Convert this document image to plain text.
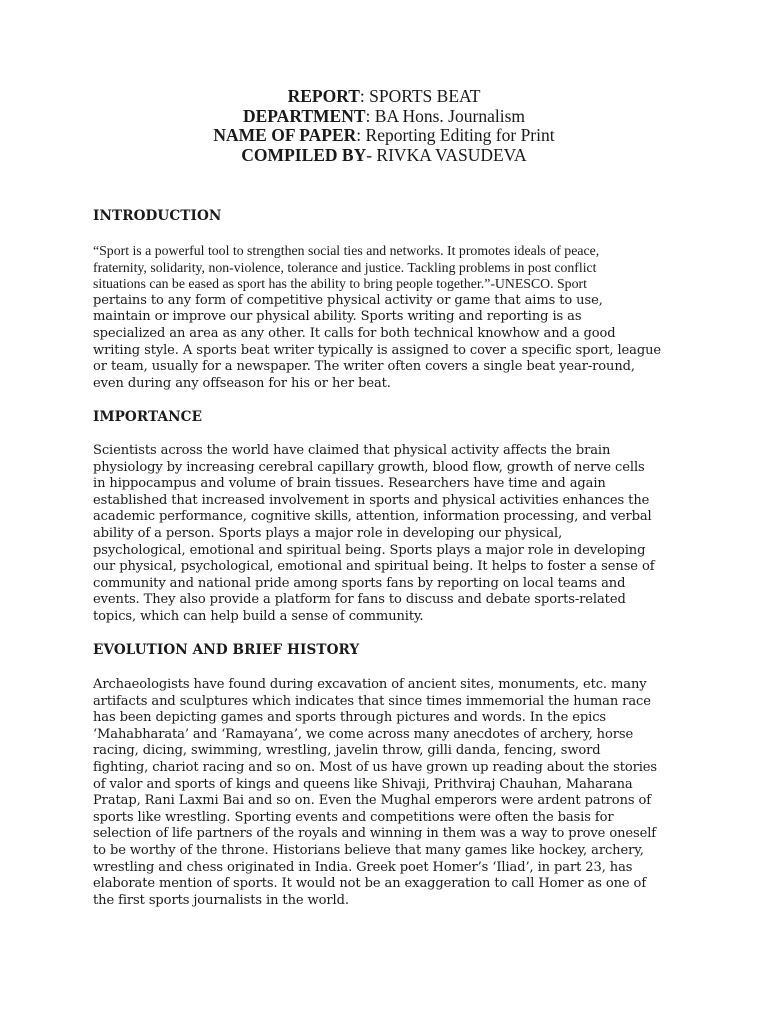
REPORT: SPORTS BEAT
DEPARTMENT: BA Hons. Journalism
NAME OF PAPER: Reporting Editing for Print
COMPILED BY- RIVKA VASUDEVA
INTRODUCTION
“Sport is a powerful tool to strengthen social ties and networks. It promotes ideals of peace,
fraternity, solidarity, non-violence, tolerance and justice. Tackling problems in post conflict
situations can be eased as sport has the ability to bring people together.”-UNESCO. Sport
pertains to any form of competitive physical activity or game that aims to use,
maintain or improve our physical ability. Sports writing and reporting is as
specialized an area as any other. It calls for both technical knowhow and a good
writing style. A sports beat writer typically is assigned to cover a specific sport, league
or team, usually for a newspaper. The writer often covers a single beat year-round,
even during any offseason for his or her beat.
IMPORTANCE
Scientists across the world have claimed that physical activity affects the brain
physiology by increasing cerebral capillary growth, blood flow, growth of nerve cells
in hippocampus and volume of brain tissues. Researchers have time and again
established that increased involvement in sports and physical activities enhances the
academic performance, cognitive skills, attention, information processing, and verbal
ability of a person. Sports plays a major role in developing our physical,
psychological, emotional and spiritual being. Sports plays a major role in developing
our physical, psychological, emotional and spiritual being. It helps to foster a sense of
community and national pride among sports fans by reporting on local teams and
events. They also provide a platform for fans to discuss and debate sports-related
topics, which can help build a sense of community.
EVOLUTION AND BRIEF HISTORY
Archaeologists have found during excavation of ancient sites, monuments, etc. many
artifacts and sculptures which indicates that since times immemorial the human race
has been depicting games and sports through pictures and words. In the epics
‘Mahabharata’ and ‘Ramayana’, we come across many anecdotes of archery, horse
racing, dicing, swimming, wrestling, javelin throw, gilli danda, fencing, sword
fighting, chariot racing and so on. Most of us have grown up reading about the stories
of valor and sports of kings and queens like Shivaji, Prithviraj Chauhan, Maharana
Pratap, Rani Laxmi Bai and so on. Even the Mughal emperors were ardent patrons of
sports like wrestling. Sporting events and competitions were often the basis for
selection of life partners of the royals and winning in them was a way to prove oneself
to be worthy of the throne. Historians believe that many games like hockey, archery,
wrestling and chess originated in India. Greek poet Homer’s ‘Iliad’, in part 23, has
elaborate mention of sports. It would not be an exaggeration to call Homer as one of
the first sports journalists in the world.
